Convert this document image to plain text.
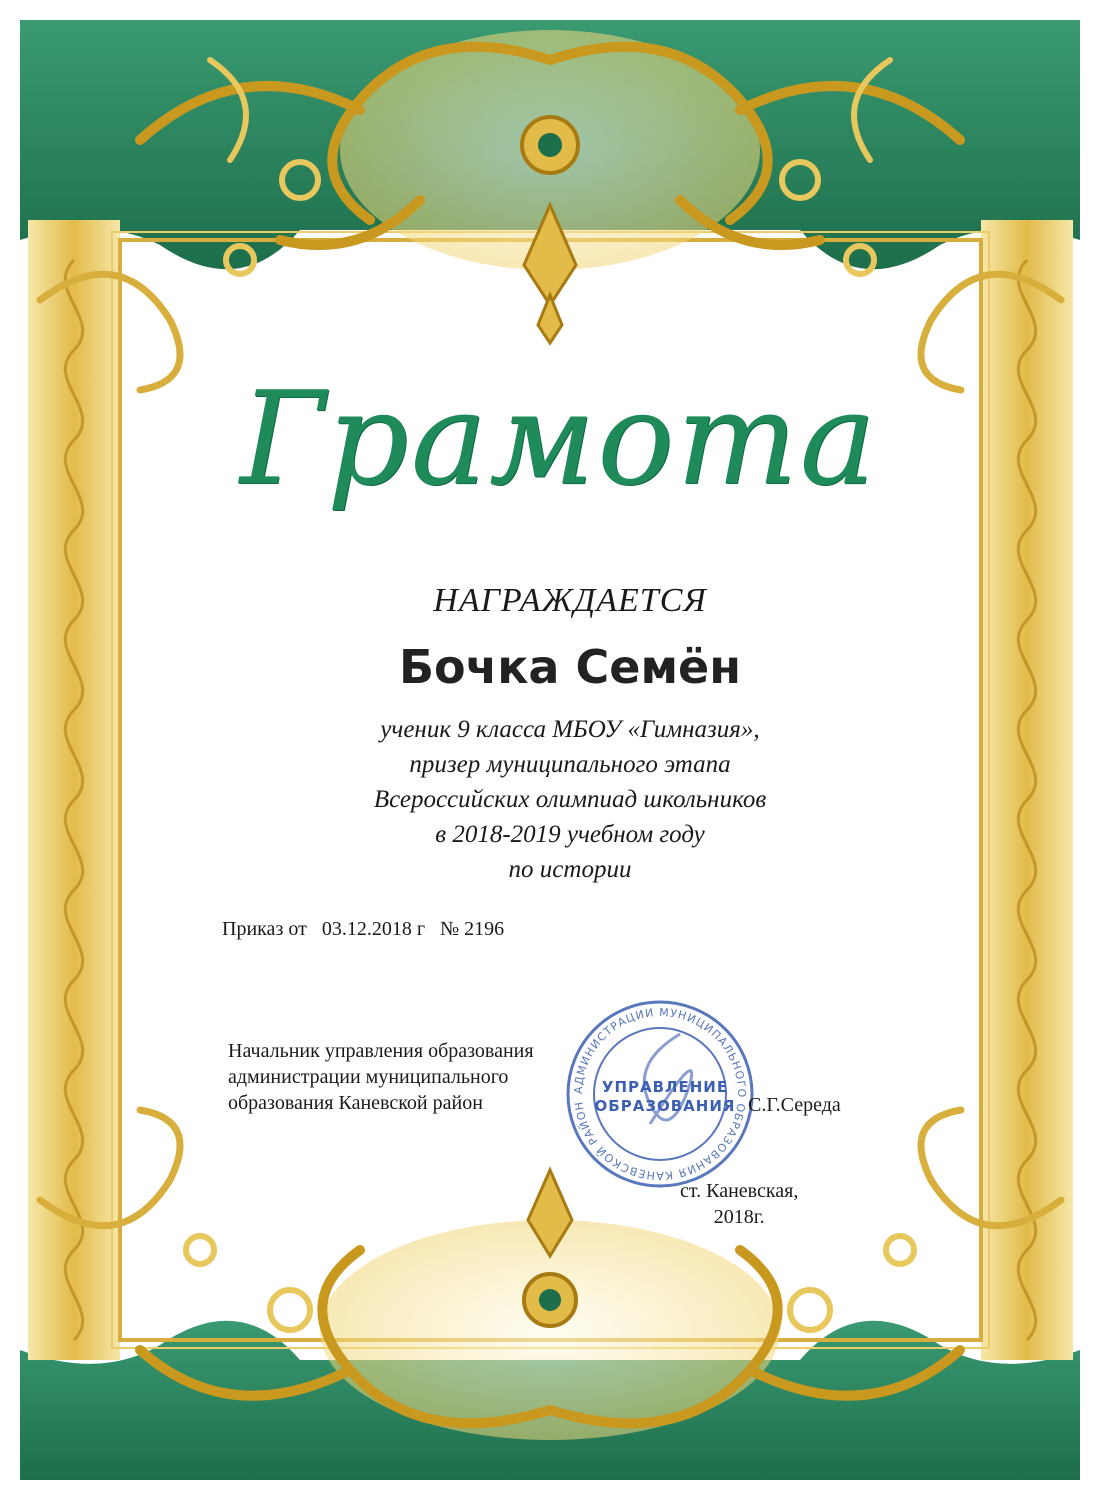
Грамота
НАГРАЖДАЕТСЯ
Бочка Семён
ученик 9 класса МБОУ «Гимназия»,
призер муниципального этапа
Всероссийских олимпиад школьников
в 2018-2019 учебном году
по истории
Приказ от 03.12.2018 г № 2196
Начальник управления образования
администрации муниципального
образования Каневской район
АДМИНИСТРАЦИИ МУНИЦИПАЛЬНОГО ОБРАЗОВАНИЯ КАНЕВСКОЙ РАЙОН
УПРАВЛЕНИЕ
ОБРАЗОВАНИЯ С.Г.Середа
ст. Каневская,
2018г.
